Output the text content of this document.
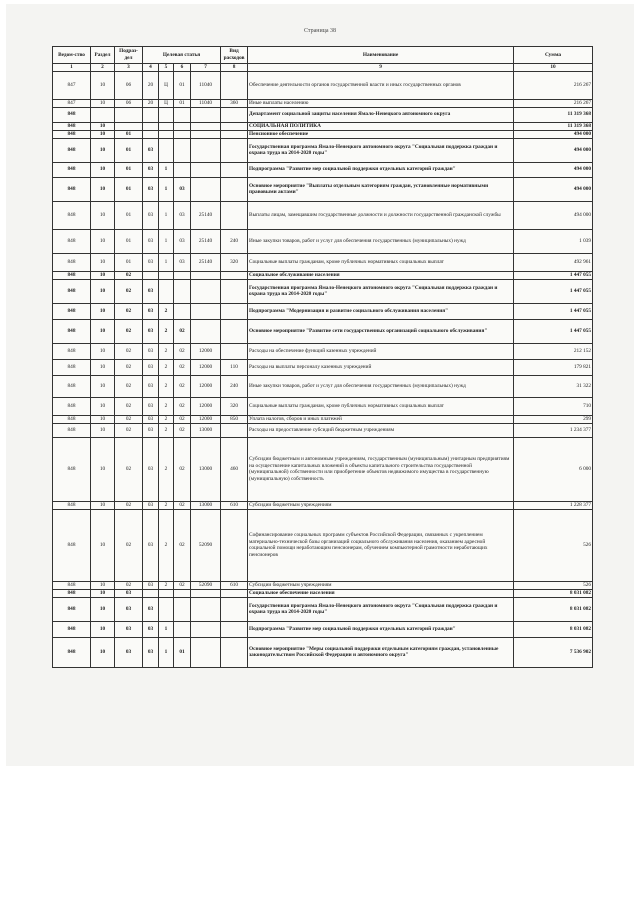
Страница 38
Ведом-ство	Раздел	Подраз-дел	Целевая статья				Вид расходов	Наименование	Сумма
1	2	3	4	5	6	7	8	9	10
847	10	06	20	Ц	01	11040		Обеспечение деятельности органов государственной власти и иных государственных органов	216 267
847	10	06	20	Ц	01	11040	360	Иные выплаты населению	216 267
848								Департамент социальной защиты населения Ямало-Ненецкого автономного округа	11 319 368
848	10							СОЦИАЛЬНАЯ ПОЛИТИКА	11 319 368
848	10	01						Пенсионное обеспечение	494 000
848	10	01	03					Государственная программа Ямало-Ненецкого автономного округа "Социальная поддержка граждан и охрана труда на 2014-2020 годы"	494 000
848	10	01	03	1				Подпрограмма "Развитие мер социальной поддержки отдельных категорий граждан"	494 000
848	10	01	03	1	03			Основное мероприятие "Выплаты отдельным категориям граждан, установленные нормативными правовыми актами"	494 000
848	10	01	03	1	03	25140		Выплаты лицам, замещавшим государственные должности и должности государственной гражданской службы	494 000
848	10	01	03	1	03	25140	240	Иные закупки товаров, работ и услуг для обеспечения государственных (муниципальных) нужд	1 039
848	10	01	03	1	03	25140	320	Социальные выплаты гражданам, кроме публичных нормативных социальных выплат	492 961
848	10	02						Социальное обслуживание населения	1 447 055
848	10	02	03					Государственная программа Ямало-Ненецкого автономного округа "Социальная поддержка граждан и охрана труда на 2014-2020 годы"	1 447 055
848	10	02	03	2				Подпрограмма "Модернизация и развитие социального обслуживания населения"	1 447 055
848	10	02	03	2	02			Основное мероприятие "Развитие сети государственных организаций социального обслуживания"	1 447 055
848	10	02	03	2	02	12000		Расходы на обеспечение функций казенных учреждений	212 152
848	10	02	03	2	02	12000	110	Расходы на выплаты персоналу казенных учреждений	179 821
848	10	02	03	2	02	12000	240	Иные закупки товаров, работ и услуг для обеспечения государственных (муниципальных) нужд	31 322
848	10	02	03	2	02	12000	320	Социальные выплаты гражданам, кроме публичных нормативных социальных выплат	710
848	10	02	03	2	02	12000	850	Уплата налогов, сборов и иных платежей	299
848	10	02	03	2	02	13000		Расходы на предоставление субсидий бюджетным учреждениям	1 234 377
848	10	02	03	2	02	13000	460	Субсидии бюджетным и автономным учреждениям, государственным (муниципальным) унитарным предприятиям на осуществление капитальных вложений в объекты капитального строительства государственной (муниципальной) собственности или приобретение объектов недвижимого имущества в государственную (муниципальную) собственность	6 000
848	10	02	03	2	02	13000	610	Субсидии бюджетным учреждениям	1 228 377
848	10	02	03	2	02	52090		Софинансирование социальных программ субъектов Российской Федерации, связанных с укреплением материально-технической базы организаций социального обслуживания населения, оказанием адресной социальной помощи неработающим пенсионерам, обучением компьютерной грамотности неработающих пенсионеров	526
848	10	02	03	2	02	52090	610	Субсидии бюджетным учреждениям	526
848	10	03						Социальное обеспечение населения	8 031 082
848	10	03	03					Государственная программа Ямало-Ненецкого автономного округа "Социальная поддержка граждан и охрана труда на 2014-2020 годы"	8 031 082
848	10	03	03	1				Подпрограмма "Развитие мер социальной поддержки отдельных категорий граждан"	8 031 082
848	10	03	03	1	01			Основное мероприятие "Меры социальной поддержки отдельным категориям граждан, установленные законодательством Российской Федерации и автономного округа"	7 536 902
